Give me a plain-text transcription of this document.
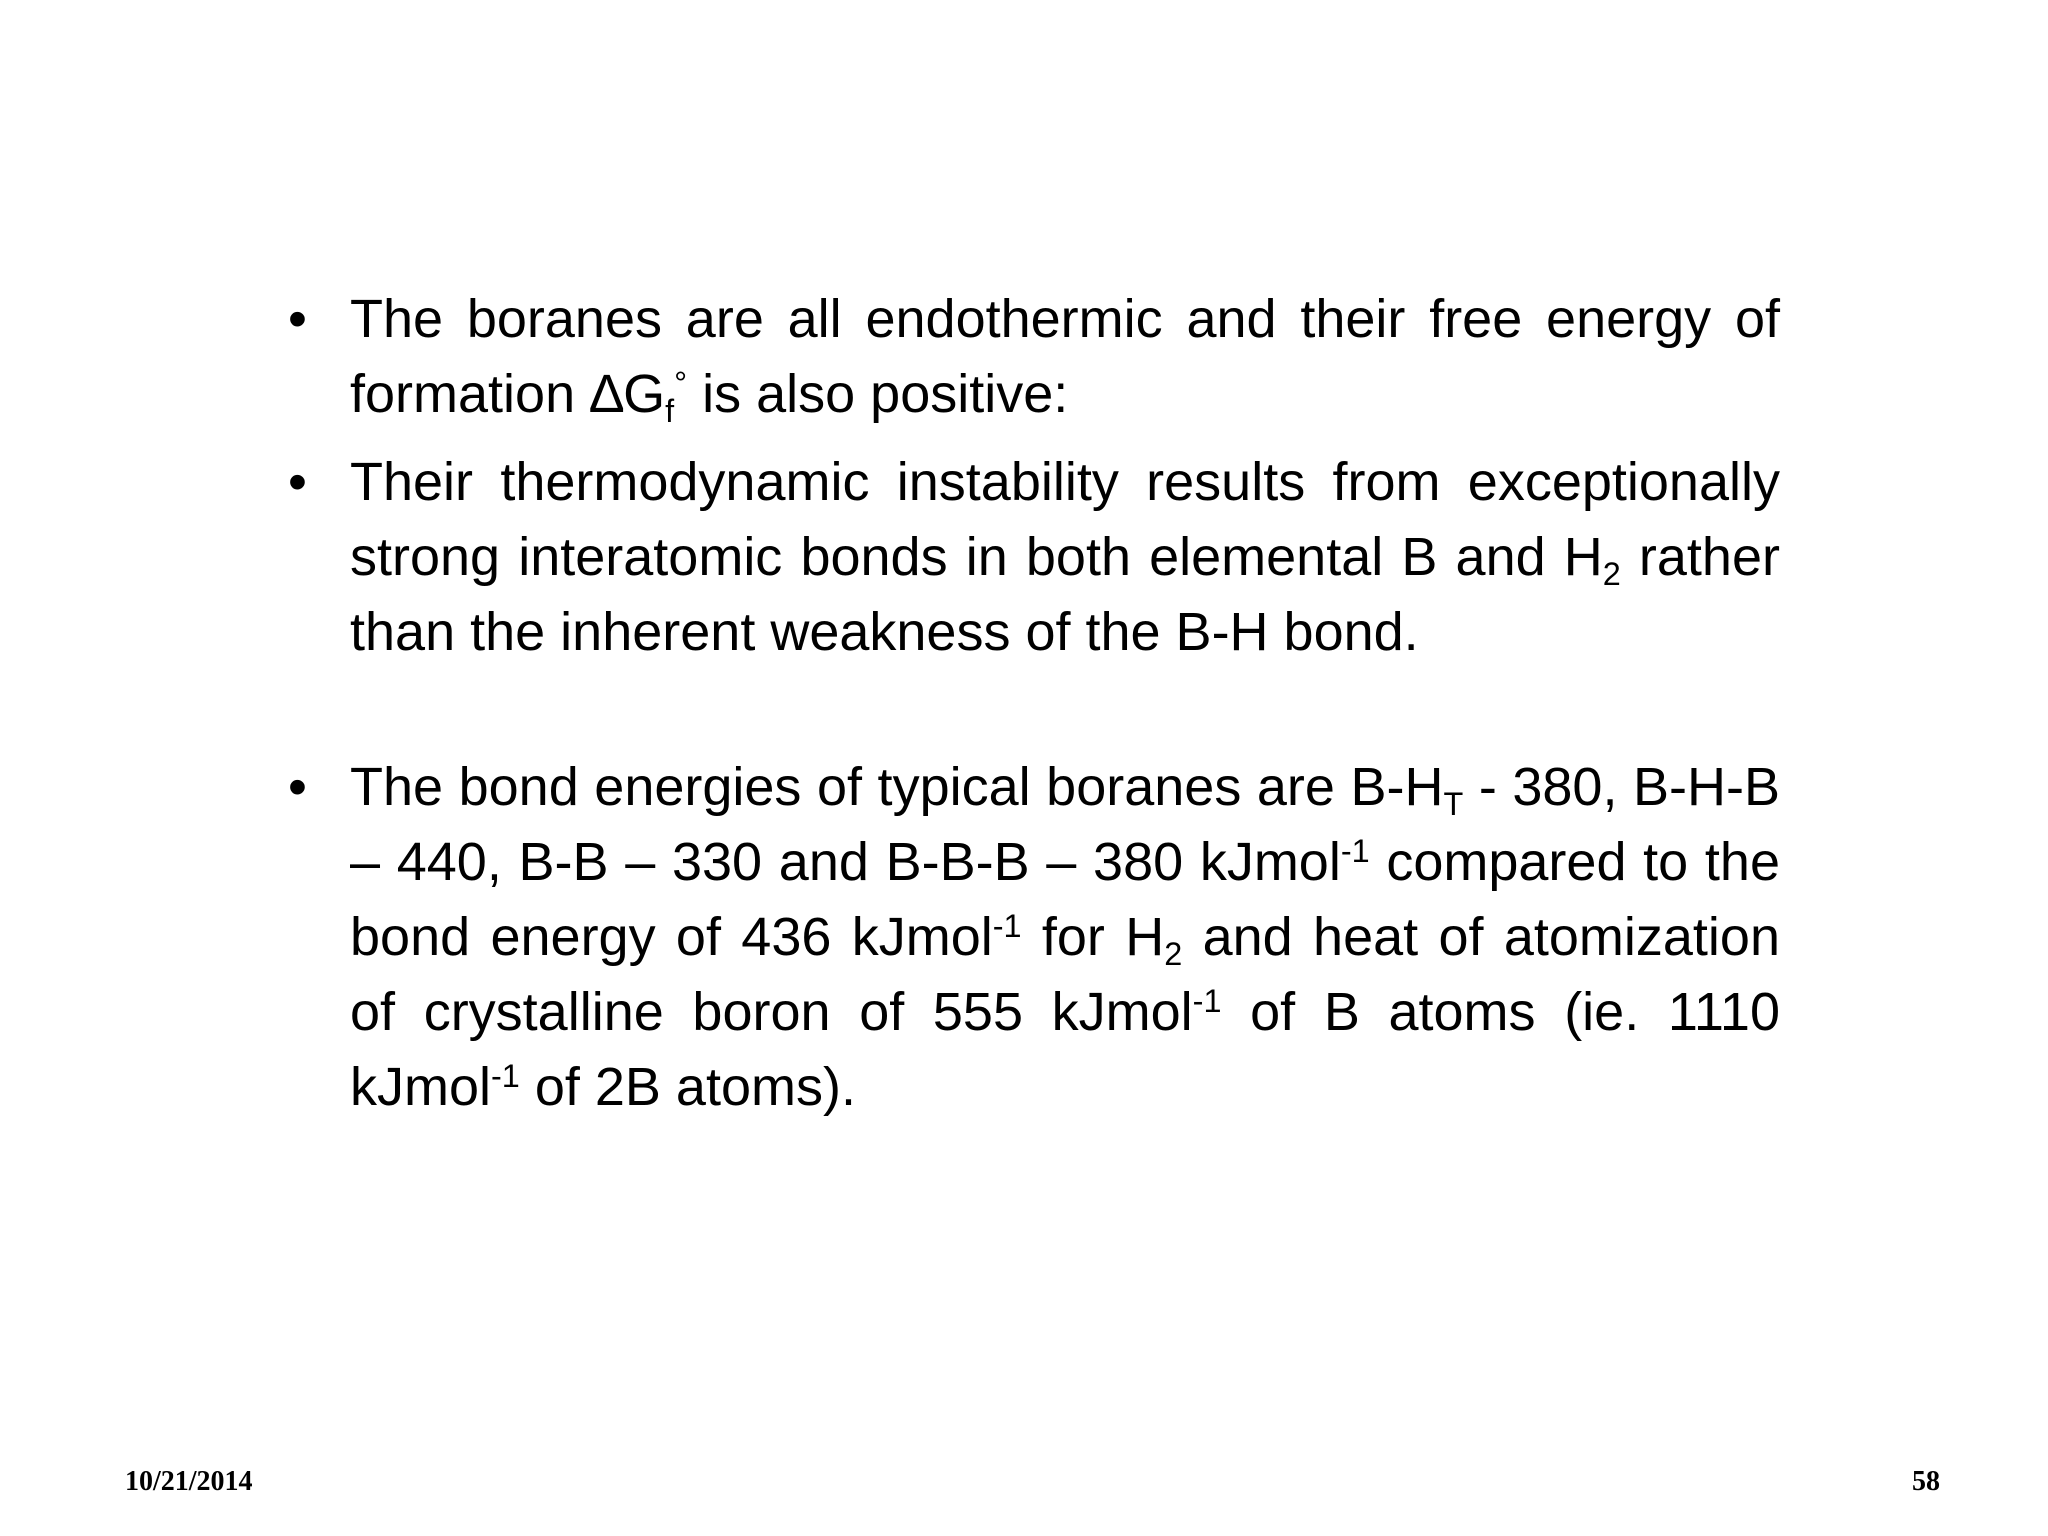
• The boranes are all endothermic and their free energy of formation $\Delta G_f^\circ$ is also positive:
• Their thermodynamic instability results from exceptionally strong interatomic bonds in both elemental B and $H_2$ rather than the inherent weakness of the B-H bond.
• The bond energies of typical boranes are $B-H_T - 380$, B-H-B – 440, B-B – 330 and B-B-B – 380 kJmol$^{-1}$ compared to the bond energy of 436 kJmol$^{-1}$ for $H_2$ and heat of atomization of crystalline boron of 555 kJmol$^{-1}$ of B atoms (ie. 1110 kJmol$^{-1}$ of 2B atoms).
10/21/2014	58
